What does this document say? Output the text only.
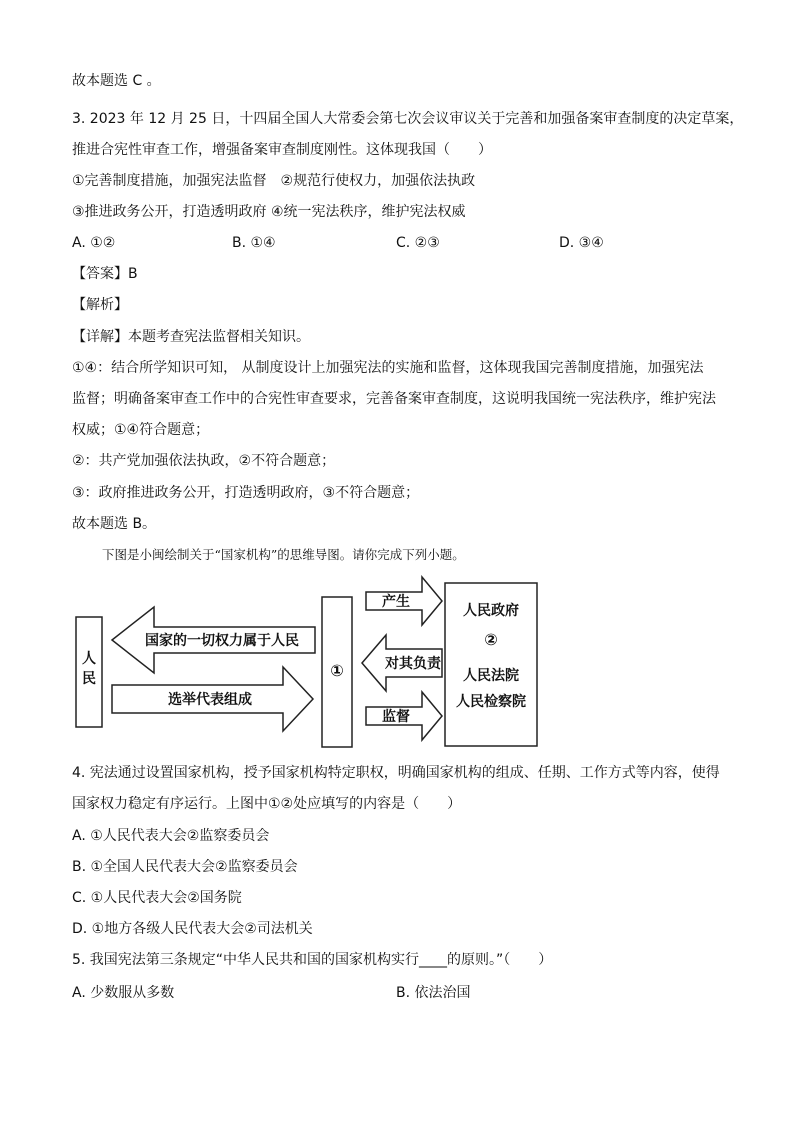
故本题选 C 。
3. 2023 年 12 月 25 日，十四届全国人大常委会第七次会议审议关于完善和加强备案审查制度的决定草案，
推进合宪性审查工作，增强备案审查制度刚性。这体现我国（　　）
①完善制度措施，加强宪法监督　②规范行使权力，加强依法执政
③推进政务公开，打造透明政府 ④统一宪法秩序，维护宪法权威
A. ①②	B. ①④	C. ②③	D. ③④
【答案】B
【解析】
【详解】本题考查宪法监督相关知识。
①④：结合所学知识可知， 从制度设计上加强宪法的实施和监督，这体现我国完善制度措施，加强宪法
监督；明确备案审查工作中的合宪性审查要求，完善备案审查制度，这说明我国统一宪法秩序，维护宪法
权威；①④符合题意；
②：共产党加强依法执政，②不符合题意；
③：政府推进政务公开，打造透明政府，③不符合题意；
故本题选 B。
下图是小闽绘制关于“国家机构”的思维导图。请你完成下列小题。
人
民
国家的一切权力属于人民
选举代表组成
①
产生
对其负责
监督
人民政府
②
人民法院
人民检察院
4. 宪法通过设置国家机构，授予国家机构特定职权，明确国家机构的组成、任期、工作方式等内容，使得
国家权力稳定有序运行。上图中①②处应填写的内容是（　　）
A. ①人民代表大会②监察委员会
B. ①全国人民代表大会②监察委员会
C. ①人民代表大会②国务院
D. ①地方各级人民代表大会②司法机关
5. 我国宪法第三条规定“中华人民共和国的国家机构实行____的原则。”（　　）
A. 少数服从多数	B. 依法治国
